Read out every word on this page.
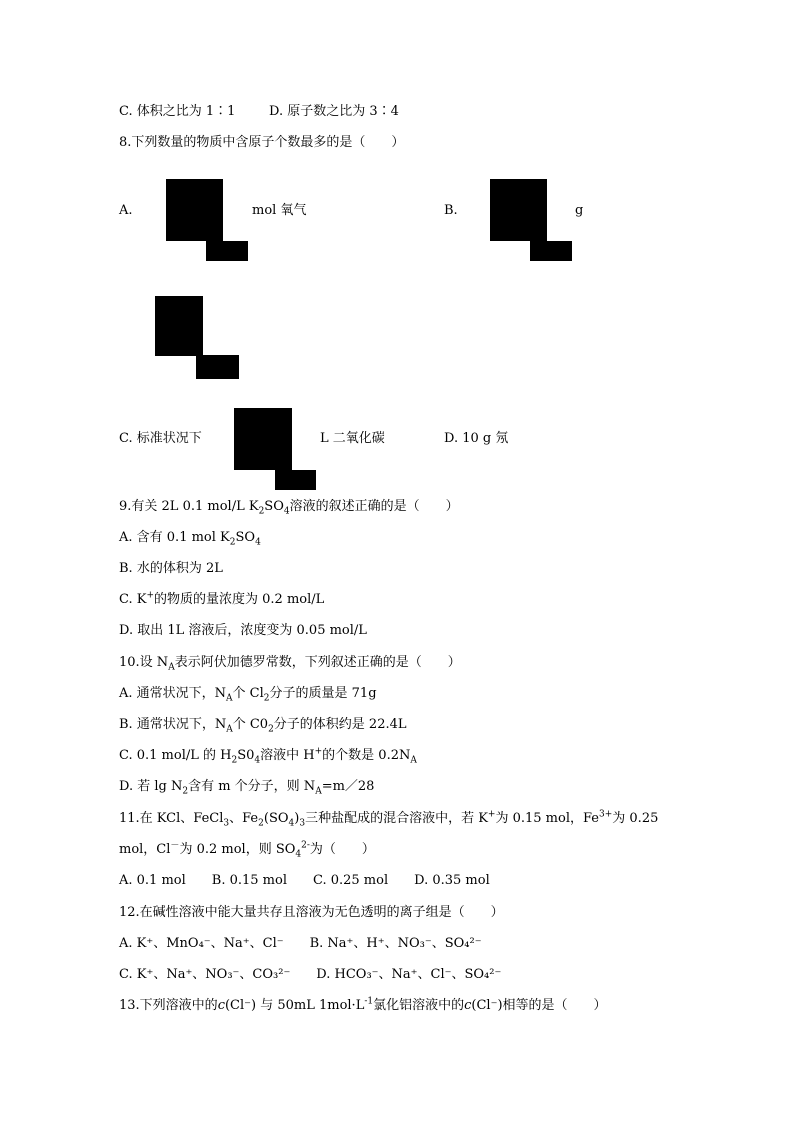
C. 体积之比为 1∶1	D. 原子数之比为 3∶4
8.下列数量的物质中含原子个数最多的是（　　）
A.	mol 氧气	B.	g
C. 标准状况下	L 二氧化碳	D. 10 g 氖
9.有关 2L 0.1 mol/L $K_2SO_4$溶液的叙述正确的是（　　）
A. 含有 0.1 mol $K_2SO_4$
B. 水的体积为 2L
C. K+的物质的量浓度为 0.2 mol/L
D. 取出 1L 溶液后，浓度变为 0.05 mol/L
10.设 $N_A$表示阿伏加德罗常数，下列叙述正确的是（　　）
A. 通常状况下，$N_A$个 $Cl_2$分子的质量是 71g
B. 通常状况下，$N_A$个 $C0_2$分子的体积约是 22.4L
C. 0.1 mol/L 的 $H_2S0_4$溶液中 H+的个数是 $0.2N_A$
D. 若 $\lg N_2$含有 m 个分子，则 $N_A=m/28$
11.在 KCl、FeCl$_3$、$Fe_2(SO_4)_3$三种盐配成的混合溶液中，若 K+为 0.15 mol，$Fe^{3+}$为 0.25
mol，Cl－为 0.2 mol，则 $SO_4^{2-}$为（　　）
A. 0.1 mol　　B. 0.15 mol　　C. 0.25 mol　　D. 0.35 mol
12.在碱性溶液中能大量共存且溶液为无色透明的离子组是（　　）
A. K⁺、MnO₄⁻、Na⁺、Cl⁻　　B. Na⁺、H⁺、NO₃⁻、SO₄²⁻
C. K⁺、Na⁺、NO₃⁻、CO₃²⁻　　D. HCO₃⁻、Na⁺、Cl⁻、SO₄²⁻
13.下列溶液中的c(Cl⁻) 与 50mL $1mol\cdot L^{-1}$氯化铝溶液中的c(Cl⁻)相等的是（　　）
